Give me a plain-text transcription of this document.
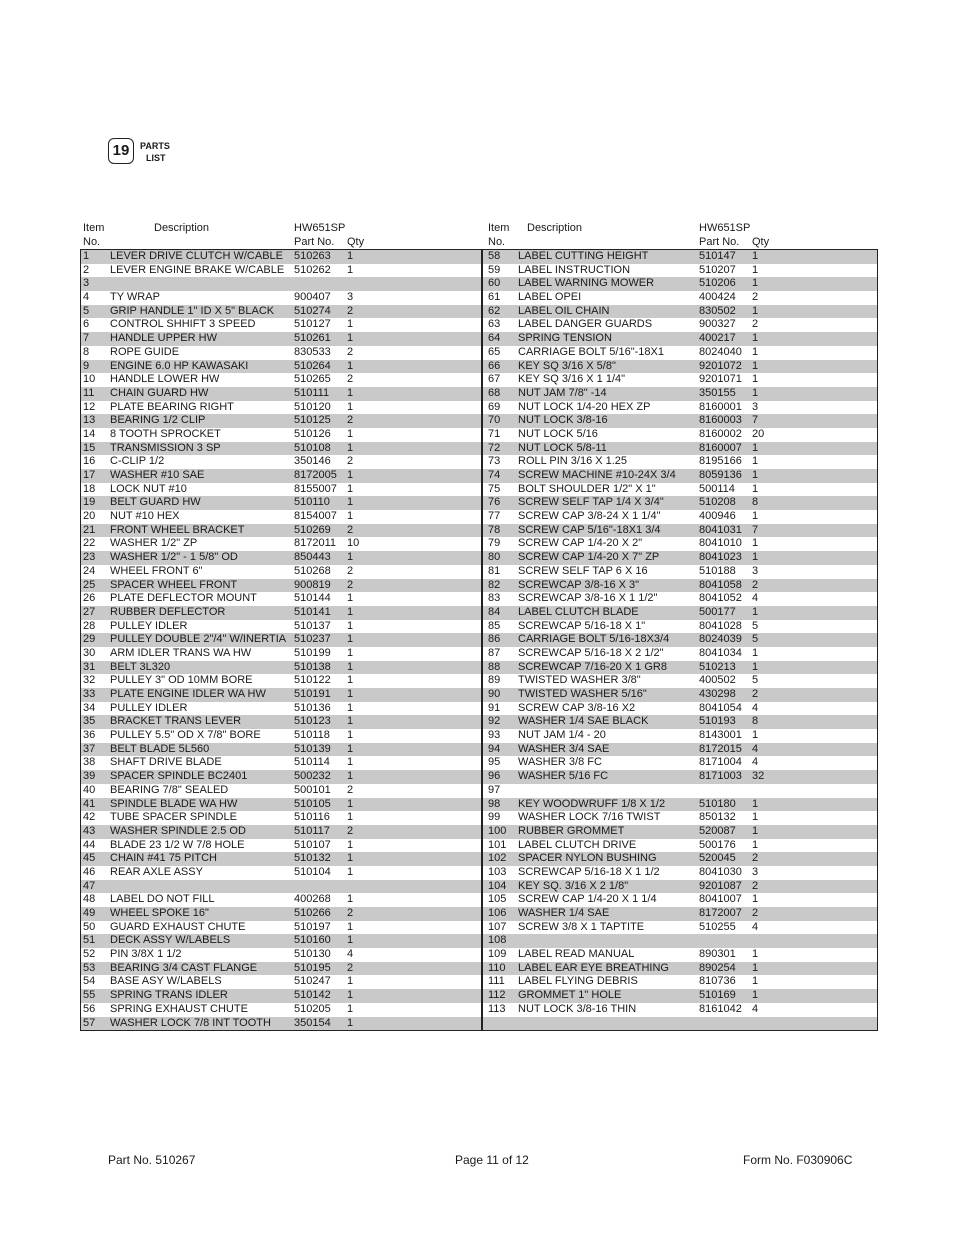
19	PARTS
LIST
Item
No.
Description	HW651SP
Part No. Qty
1 LEVER DRIVE CLUTCH W/CABLE 510263 1
2 LEVER ENGINE BRAKE W/CABLE 510262 1
3
4 TY WRAP	900407 3
5 GRIP HANDLE 1" ID X 5" BLACK 510274 2
6 CONTROL SHHIFT 3 SPEED	510127 1
7 HANDLE UPPER HW	510261 1
8 ROPE GUIDE	830533 2
9 ENGINE 6.0 HP KAWASAKI	510264 1
10 HANDLE LOWER HW	510265 2
11 CHAIN GUARD HW	510111 1
12 PLATE BEARING RIGHT	510120 1
13 BEARING 1/2 CLIP	510125 2
14 8 TOOTH SPROCKET	510126 1
15 TRANSMISSION 3 SP	510108 1
16 C-CLIP 1/2	350146 2
17 WASHER #10 SAE	8172005 1
18 LOCK NUT #10	8155007 1
19 BELT GUARD HW	510110 1
20 NUT #10 HEX	8154007 1
21 FRONT WHEEL BRACKET	510269 2
22 WASHER 1/2" ZP	8172011 10
23 WASHER 1/2" - 1 5/8" OD	850443 1
24 WHEEL FRONT 6"	510268 2
25 SPACER WHEEL FRONT	900819 2
26 PLATE DEFLECTOR MOUNT	510144 1
27 RUBBER DEFLECTOR	510141 1
28 PULLEY IDLER	510137 1
29 PULLEY DOUBLE 2"/4" W/INERTIA 510237 1
30 ARM IDLER TRANS WA HW	510199 1
31 BELT 3L320	510138 1
32 PULLEY 3" OD 10MM BORE	510122 1
33 PLATE ENGINE IDLER WA HW	510191 1
34 PULLEY IDLER	510136 1
35 BRACKET TRANS LEVER	510123 1
36 PULLEY 5.5" OD X 7/8" BORE	510118 1
37 BELT BLADE 5L560	510139 1
38 SHAFT DRIVE BLADE	510114 1
39 SPACER SPINDLE BC2401	500232 1
40 BEARING 7/8" SEALED	500101 2
41 SPINDLE BLADE WA HW	510105 1
42 TUBE SPACER SPINDLE	510116 1
43 WASHER SPINDLE 2.5 OD	510117 2
44 BLADE 23 1/2 W 7/8 HOLE	510107 1
45 CHAIN #41 75 PITCH	510132 1
46 REAR AXLE ASSY	510104 1
47
48 LABEL DO NOT FILL	400268 1
49 WHEEL SPOKE 16"	510266 2
50 GUARD EXHAUST CHUTE	510197 1
51 DECK ASSY W/LABELS	510160 1
52 PIN 3/8X 1 1/2	510130 4
53 BEARING 3/4 CAST FLANGE	510195 2
54 BASE ASY W/LABELS	510247 1
55 SPRING TRANS IDLER	510142 1
56 SPRING EXHAUST CHUTE	510205 1
57 WASHER LOCK 7/8 INT TOOTH 350154 1
Item
No.
Description	HW651SP
Part No. Qty
58 LABEL CUTTING HEIGHT	510147 1
59 LABEL INSTRUCTION	510207 1
60 LABEL WARNING MOWER	510206 1
61 LABEL OPEI	400424 2
62 LABEL OIL CHAIN	830502 1
63 LABEL DANGER GUARDS	900327 2
64 SPRING TENSION	400217 1
65 CARRIAGE BOLT 5/16"-18X1	8024040 1
66 KEY SQ 3/16 X 5/8"	9201072 1
67 KEY SQ 3/16 X 1 1/4"	9201071 1
68 NUT JAM 7/8" -14	350155 1
69 NUT LOCK 1/4-20 HEX ZP	8160001 3
70 NUT LOCK 3/8-16	8160003 7
71 NUT LOCK 5/16	8160002 20
72 NUT LOCK 5/8-11	8160007 1
73 ROLL PIN 3/16 X 1.25	8195166 1
74 SCREW MACHINE #10-24X 3/4 8059136 1
75 BOLT SHOULDER 1/2" X 1"	500114 1
76 SCREW SELF TAP 1/4 X 3/4"	510208 8
77 SCREW CAP 3/8-24 X 1 1/4"	400946 1
78 SCREW CAP 5/16"-18X1 3/4	8041031 7
79 SCREW CAP 1/4-20 X 2"	8041010 1
80 SCREW CAP 1/4-20 X 7" ZP	8041023 1
81 SCREW SELF TAP 6 X 16	510188 3
82 SCREWCAP 3/8-16 X 3"	8041058 2
83 SCREWCAP 3/8-16 X 1 1/2"	8041052 4
84 LABEL CLUTCH BLADE	500177 1
85 SCREWCAP 5/16-18 X 1"	8041028 5
86 CARRIAGE BOLT 5/16-18X3/4	8024039 5
87 SCREWCAP 5/16-18 X 2 1/2"	8041034 1
88 SCREWCAP 7/16-20 X 1 GR8	510213 1
89 TWISTED WASHER 3/8"	400502 5
90 TWISTED WASHER 5/16"	430298 2
91 SCREW CAP 3/8-16 X2	8041054 4
92 WASHER 1/4 SAE BLACK	510193 8
93 NUT JAM 1/4 - 20	8143001 1
94 WASHER 3/4 SAE	8172015 4
95 WASHER 3/8 FC	8171004 4
96 WASHER 5/16 FC	8171003 32
97
98 KEY WOODWRUFF 1/8 X 1/2	510180 1
99 WASHER LOCK 7/16 TWIST	850132 1
100 RUBBER GROMMET	520087 1
101 LABEL CLUTCH DRIVE	500176 1
102 SPACER NYLON BUSHING	520045 2
103 SCREWCAP 5/16-18 X 1 1/2	8041030 3
104 KEY SQ. 3/16 X 2 1/8"	9201087 2
105 SCREW CAP 1/4-20 X 1 1/4	8041007 1
106 WASHER 1/4 SAE	8172007 2
107 SCREW 3/8 X 1 TAPTITE	510255 4
108
109 LABEL READ MANUAL	890301 1
110 LABEL EAR EYE BREATHING	890254 1
111 LABEL FLYING DEBRIS	810736 1
112 GROMMET 1" HOLE	510169 1
113 NUT LOCK 3/8-16 THIN	8161042 4
Part No. 510267	Page 11 of 12	Form No. F030906C
